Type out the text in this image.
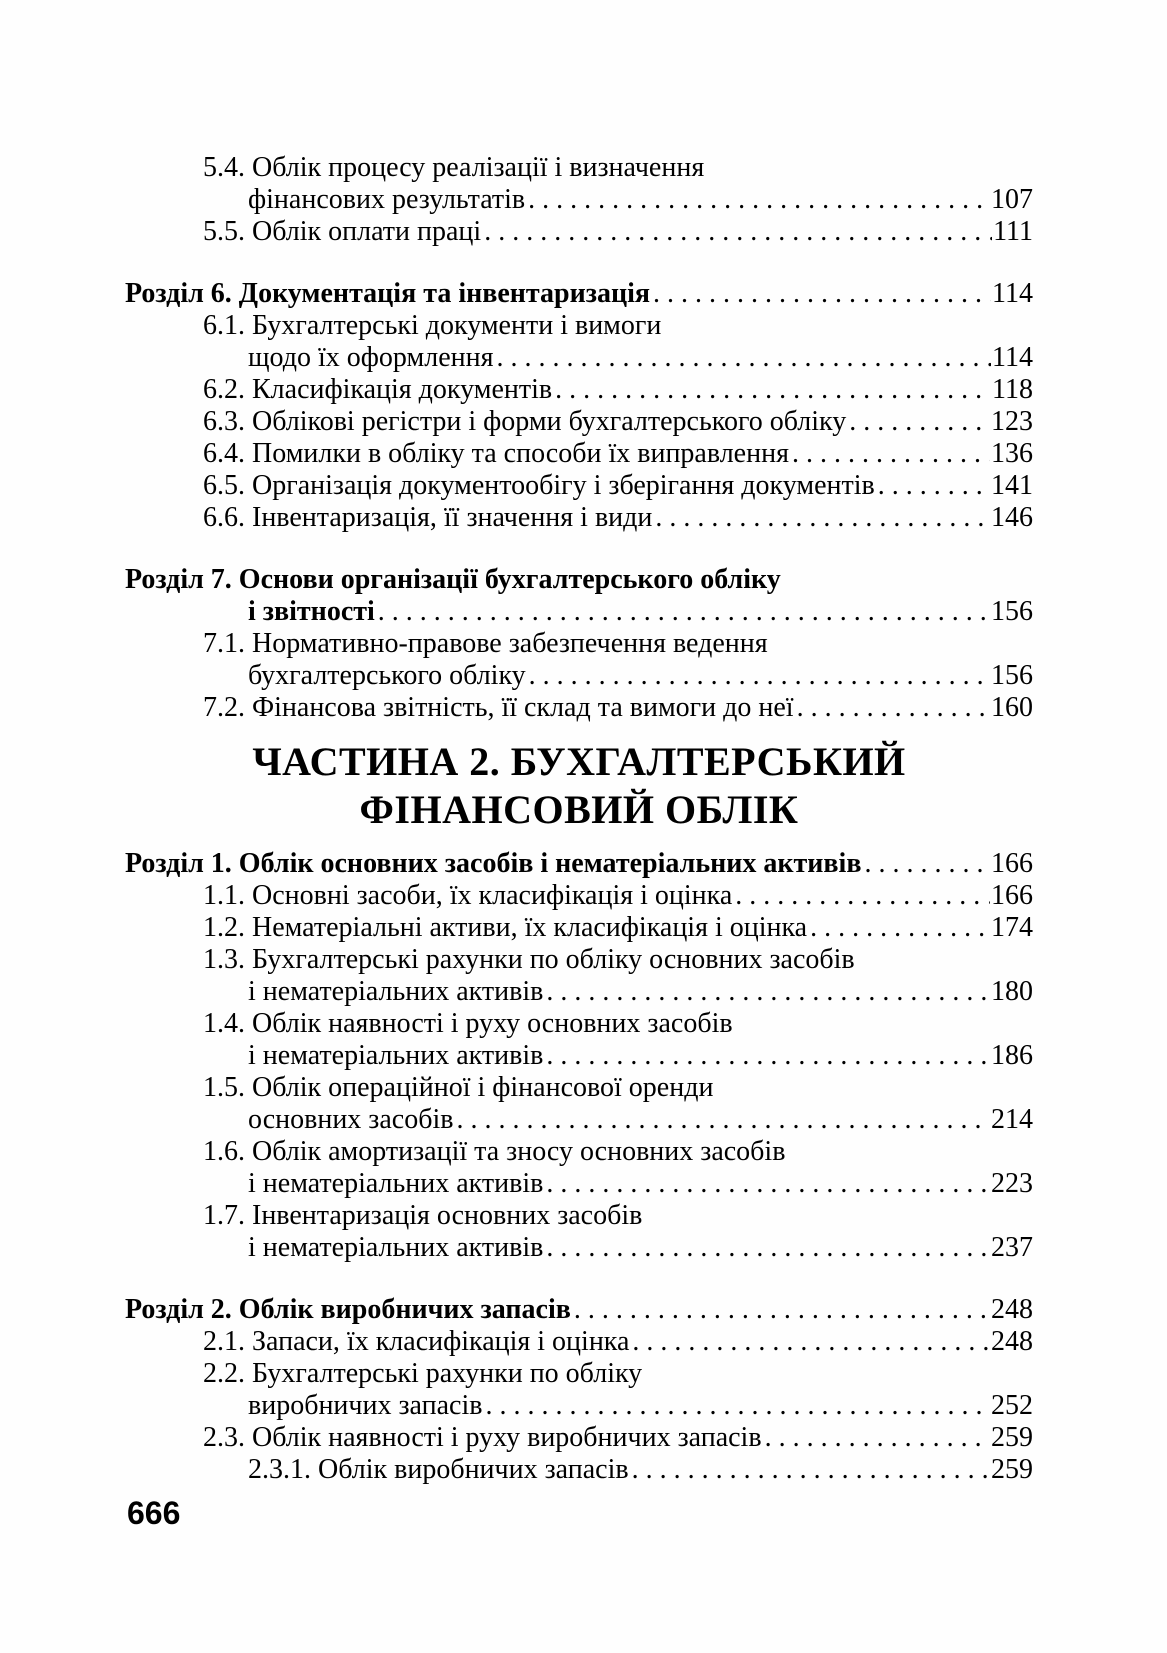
5.4. Облік процесу реалізації і визначення
фінансових результатів . . .	107
5.5. Облік оплати праці . . .	111
Розділ 6. Документація та інвентаризація . . .	114
6.1. Бухгалтерські документи і вимоги
щодо їх оформлення . . .	114
6.2. Класифікація документів . . .	118
6.3. Облікові регістри і форми бухгалтерського обліку . . .	123
6.4. Помилки в обліку та способи їх виправлення . . .	136
6.5. Організація документообігу і зберігання документів . . .	141
6.6. Інвентаризація, її значення і види . . .	146
Розділ 7. Основи організації бухгалтерського обліку
і звітності . . .	156
7.1. Нормативно-правове забезпечення ведення
бухгалтерського обліку . . .	156
7.2. Фінансова звітність, її склад та вимоги до неї . . .	160
ЧАСТИНА 2. БУХГАЛТЕРСЬКИЙ
ФІНАНСОВИЙ ОБЛІК
Розділ 1. Облік основних засобів і нематеріальних активів . . .	166
1.1. Основні засоби, їх класифікація і оцінка . . .	166
1.2. Нематеріальні активи, їх класифікація і оцінка . . .	174
1.3. Бухгалтерські рахунки по обліку основних засобів
і нематеріальних активів . . .	180
1.4. Облік наявності і руху основних засобів
і нематеріальних активів . . .	186
1.5. Облік операційної і фінансової оренди
основних засобів . . .	214
1.6. Облік амортизації та зносу основних засобів
і нематеріальних активів . . .	223
1.7. Інвентаризація основних засобів
і нематеріальних активів . . .	237
Розділ 2. Облік виробничих запасів . . .	248
2.1. Запаси, їх класифікація і оцінка . . .	248
2.2. Бухгалтерські рахунки по обліку
виробничих запасів . . .	252
2.3. Облік наявності і руху виробничих запасів . . .	259
2.3.1. Облік виробничих запасів . . .	259
666
